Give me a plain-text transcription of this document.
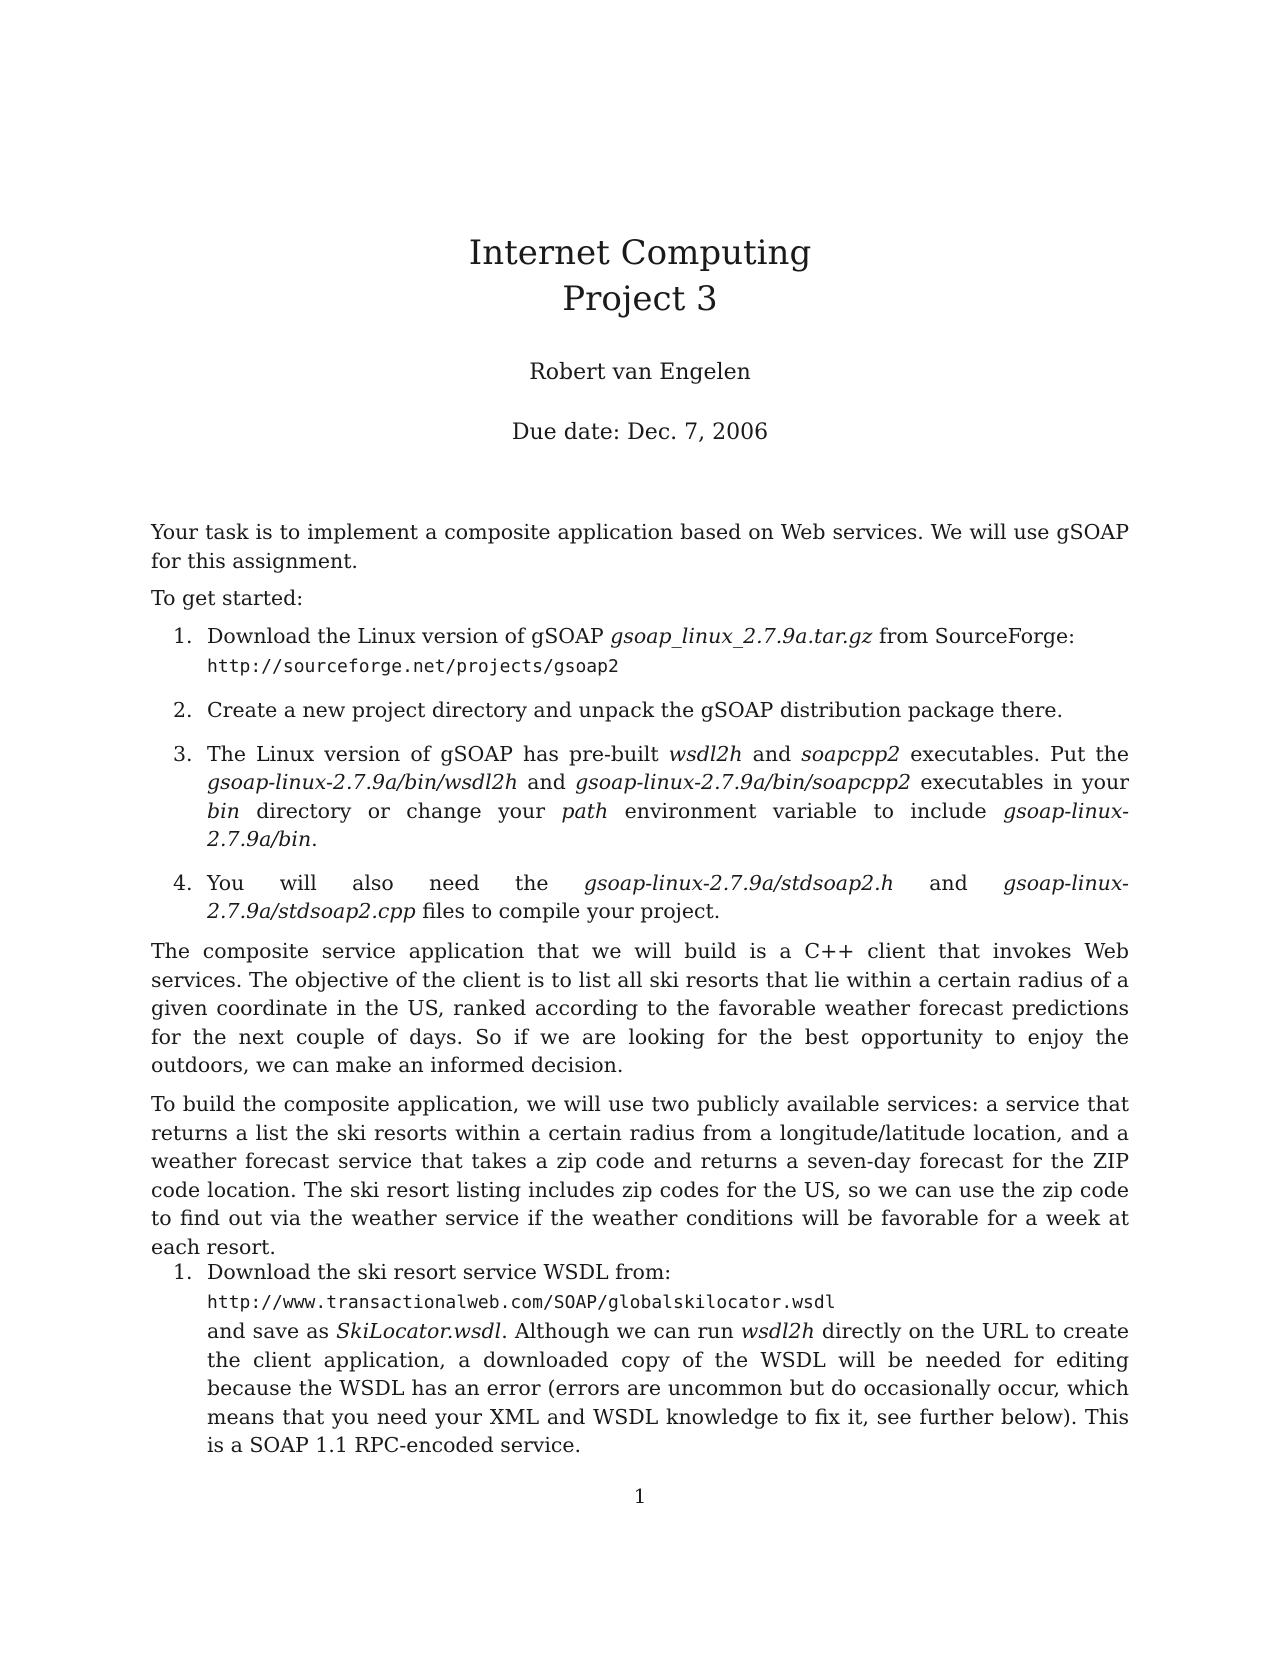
Internet Computing
Project 3
Robert van Engelen
Due date: Dec. 7, 2006
Your task is to implement a composite application based on Web services. We will use gSOAP for this assignment.
To get started:
1. Download the Linux version of gSOAP gsoap_linux_2.7.9a.tar.gz from SourceForge:
http://sourceforge.net/projects/gsoap2
2. Create a new project directory and unpack the gSOAP distribution package there.
3. The Linux version of gSOAP has pre-built wsdl2h and soapcpp2 executables. Put the gsoap-linux-2.7.9a/bin/wsdl2h and gsoap-linux-2.7.9a/bin/soapcpp2 executables in your bin directory or change your path environment variable to include gsoap-linux-2.7.9a/bin.
4. You will also need the gsoap-linux-2.7.9a/stdsoap2.h and gsoap-linux-2.7.9a/stdsoap2.cpp files to compile your project.
The composite service application that we will build is a C++ client that invokes Web services. The objective of the client is to list all ski resorts that lie within a certain radius of a given coordinate in the US, ranked according to the favorable weather forecast predictions for the next couple of days. So if we are looking for the best opportunity to enjoy the outdoors, we can make an informed decision.
To build the composite application, we will use two publicly available services: a service that returns a list the ski resorts within a certain radius from a longitude/latitude location, and a weather forecast service that takes a zip code and returns a seven-day forecast for the ZIP code location. The ski resort listing includes zip codes for the US, so we can use the zip code to find out via the weather service if the weather conditions will be favorable for a week at each resort.
1. Download the ski resort service WSDL from:
http://www.transactionalweb.com/SOAP/globalskilocator.wsdl
and save as SkiLocator.wsdl. Although we can run wsdl2h directly on the URL to create the client application, a downloaded copy of the WSDL will be needed for editing because the WSDL has an error (errors are uncommon but do occasionally occur, which means that you need your XML and WSDL knowledge to fix it, see further below). This is a SOAP 1.1 RPC-encoded service.
1
